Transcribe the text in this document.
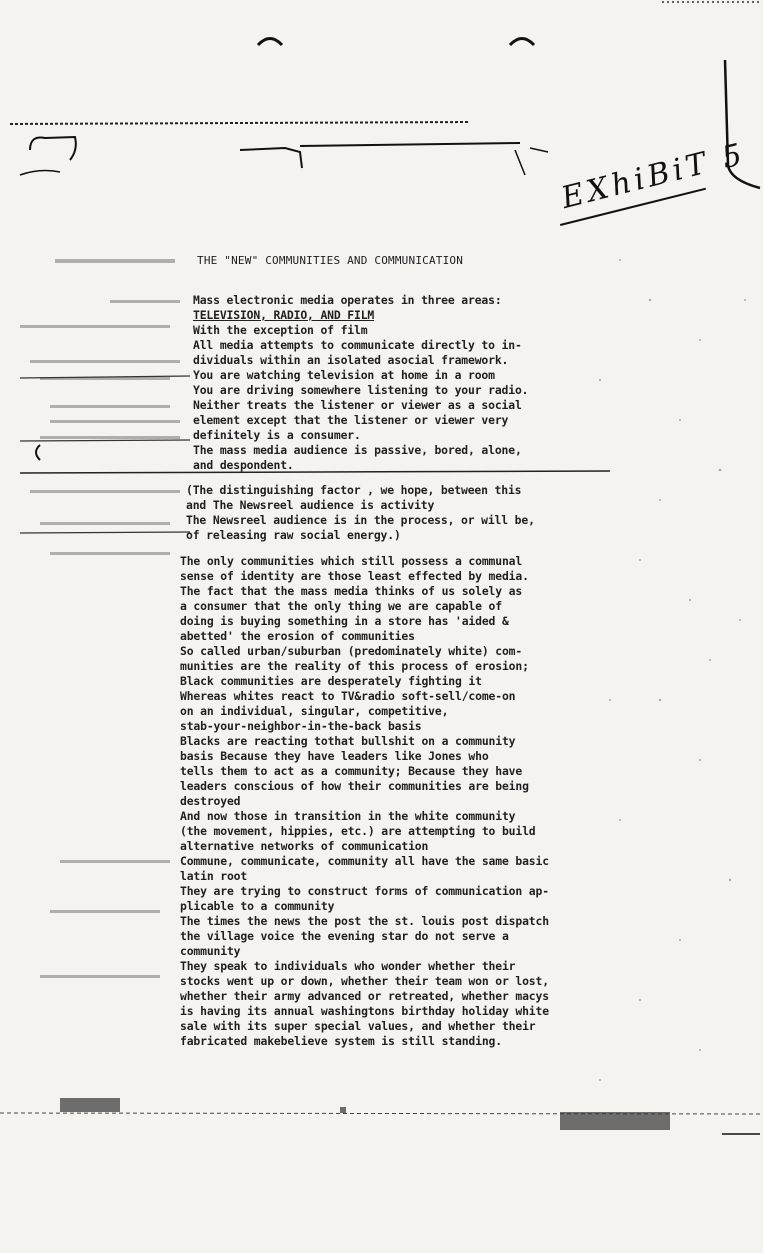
EXhiBiT 5
THE "NEW" COMMUNITIES AND COMMUNICATION
Mass electronic media operates in three areas:
TELEVISION, RADIO, AND FILM
With the exception of film
All media attempts to communicate directly to in-
dividuals within an isolated asocial framework.
You are watching television at home in a room
You are driving somewhere listening to your radio.
Neither treats the listener or viewer as a social
element except that the listener or viewer very
definitely is a consumer.
The mass media audience is passive, bored, alone,
and despondent.
(The distinguishing factor , we hope, between this
and The Newsreel audience is activity
The Newsreel audience is in the process, or will be,
of releasing raw social energy.)
The only communities which still possess a communal
sense of identity are those least effected by media.
The fact that the mass media thinks of us solely as
a consumer that the only thing we are capable of
doing is buying something in a store has 'aided &
abetted' the erosion of communities
So called urban/suburban (predominately white) com-
munities are the reality of this process of erosion;
Black communities are desperately fighting it
Whereas whites react to TV&radio soft-sell/come-on
on an individual, singular, competitive,
stab-your-neighbor-in-the-back basis
Blacks are reacting tothat bullshit on a community
basis Because they have leaders like Jones who
tells them to act as a community; Because they have
leaders conscious of how their communities are being
destroyed
And now those in transition in the white community
(the movement, hippies, etc.) are attempting to build
alternative networks of communication
Commune, communicate, community all have the same basic
latin root
They are trying to construct forms of communication ap-
plicable to a community
The times the news the post the st. louis post dispatch
the village voice the evening star do not serve a
community
They speak to individuals who wonder whether their
stocks went up or down, whether their team won or lost,
whether their army advanced or retreated, whether macys
is having its annual washingtons birthday holiday white
sale with its super special values, and whether their
fabricated makebelieve system is still standing.
